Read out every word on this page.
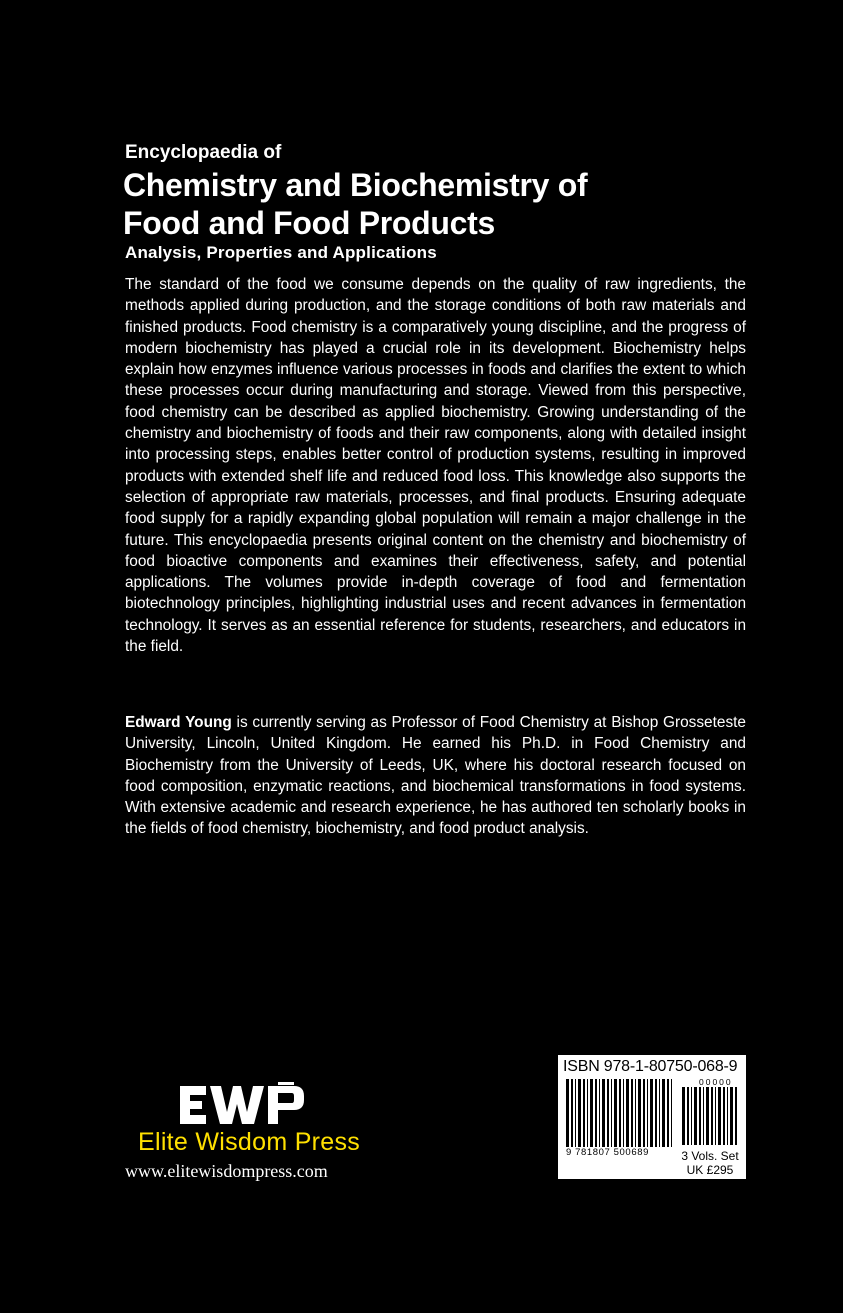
Encyclopaedia of

Chemistry and Biochemistry of
Food and Food Products

Analysis, Properties and Applications

The standard of the food we consume depends on the quality of raw ingredients, the methods applied during production, and the storage conditions of both raw materials and finished products. Food chemistry is a comparatively young discipline, and the progress of modern biochemistry has played a crucial role in its development. Biochemistry helps explain how enzymes influence various processes in foods and clarifies the extent to which these processes occur during manufacturing and storage. Viewed from this perspective, food chemistry can be described as applied biochemistry. Growing understanding of the chemistry and biochemistry of foods and their raw components, along with detailed insight into processing steps, enables better control of production systems, resulting in improved products with extended shelf life and reduced food loss. This knowledge also supports the selection of appropriate raw materials, processes, and final products. Ensuring adequate food supply for a rapidly expanding global population will remain a major challenge in the future. This encyclopaedia presents original content on the chemistry and biochemistry of food bioactive components and examines their effectiveness, safety, and potential applications. The volumes provide in-depth coverage of food and fermentation biotechnology principles, highlighting industrial uses and recent advances in fermentation technology. It serves as an essential reference for students, researchers, and educators in the field.

Edward Young is currently serving as Professor of Food Chemistry at Bishop Grosseteste University, Lincoln, United Kingdom. He earned his Ph.D. in Food Chemistry and Biochemistry from the University of Leeds, UK, where his doctoral research focused on food composition, enzymatic reactions, and biochemical transformations in food systems. With extensive academic and research experience, he has authored ten scholarly books in the fields of food chemistry, biochemistry, and food product analysis.

Elite Wisdom Press

www.elitewisdompress.com

ISBN 978-1-80750-068-9
00000
9 781807 500689	3 Vols. Set
UK £295
